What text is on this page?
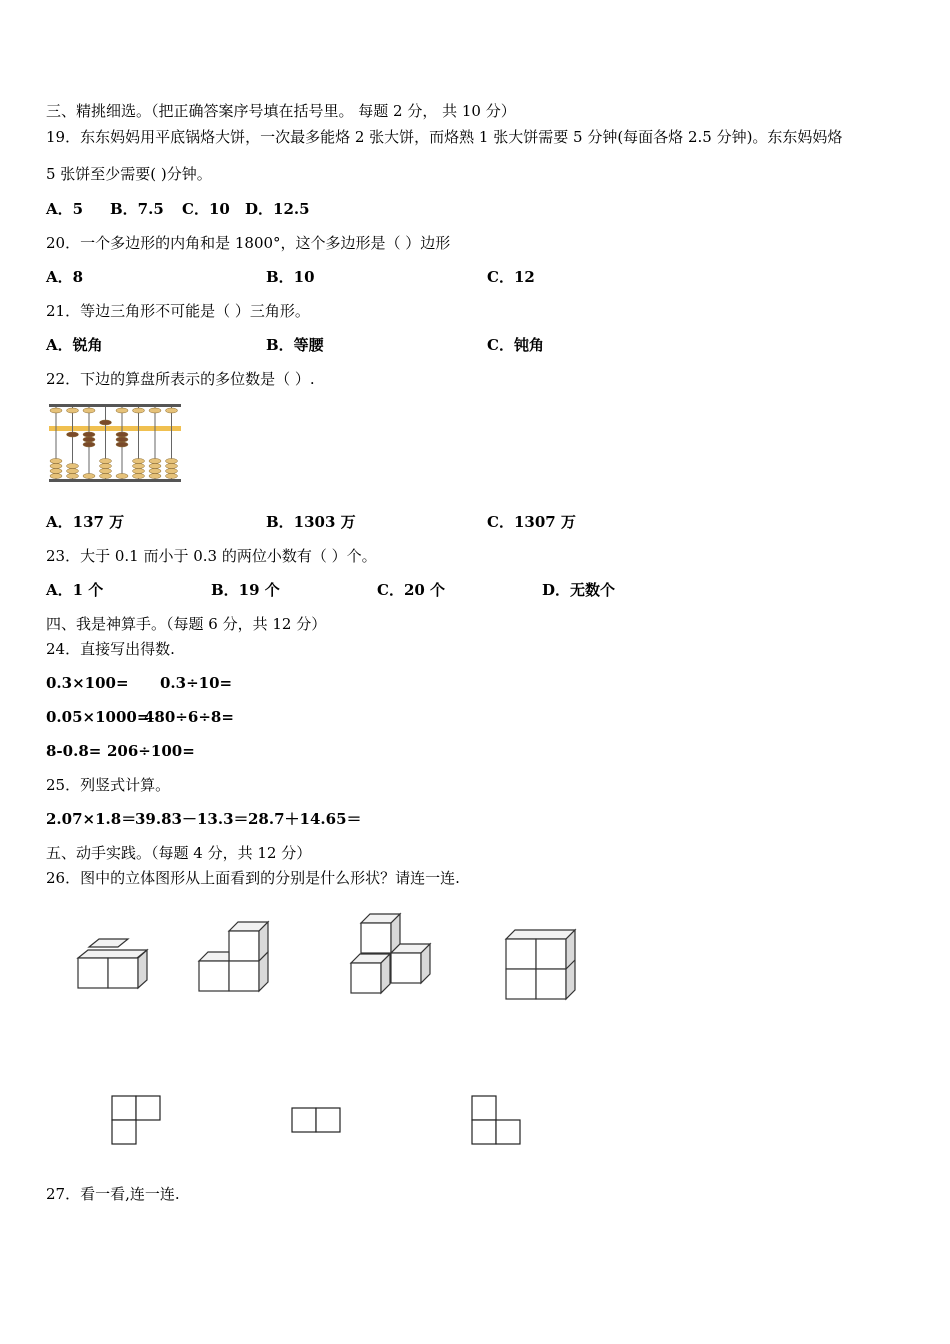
三、精挑细选。（把正确答案序号填在括号里。 每题 2 分， 共 10 分）
19．东东妈妈用平底锅烙大饼，一次最多能烙 2 张大饼，而烙熟 1 张大饼需要 5 分钟(每面各烙 2.5 分钟)。东东妈妈烙
5 张饼至少需要( )分钟。
A．5 B．7.5 C．10 D．12.5
20．一个多边形的内角和是 1800°，这个多边形是（ ）边形
A．8	B．10	C．12
21．等边三角形不可能是（ ）三角形。
A．锐角	B．等腰	C．钝角
22．下边的算盘所表示的多位数是（ ）.
A．137 万	B．1303 万	C．1307 万
23．大于 0.1 而小于 0.3 的两位小数有（ ）个。
A．1 个	B．19 个	C．20 个	D．无数个
四、我是神算手。（每题 6 分，共 12 分）
24．直接写出得数.
0.3×100= 0.3÷10=
0.05×1000=
480÷6÷8=
8-0.8= 206÷100=
25．列竖式计算。
2.07×1.8＝
39.83－13.3＝ 28.7＋14.65＝
五、动手实践。（每题 4 分，共 12 分）
26．图中的立体图形从上面看到的分别是什么形状？请连一连.
27．看一看,连一连.
